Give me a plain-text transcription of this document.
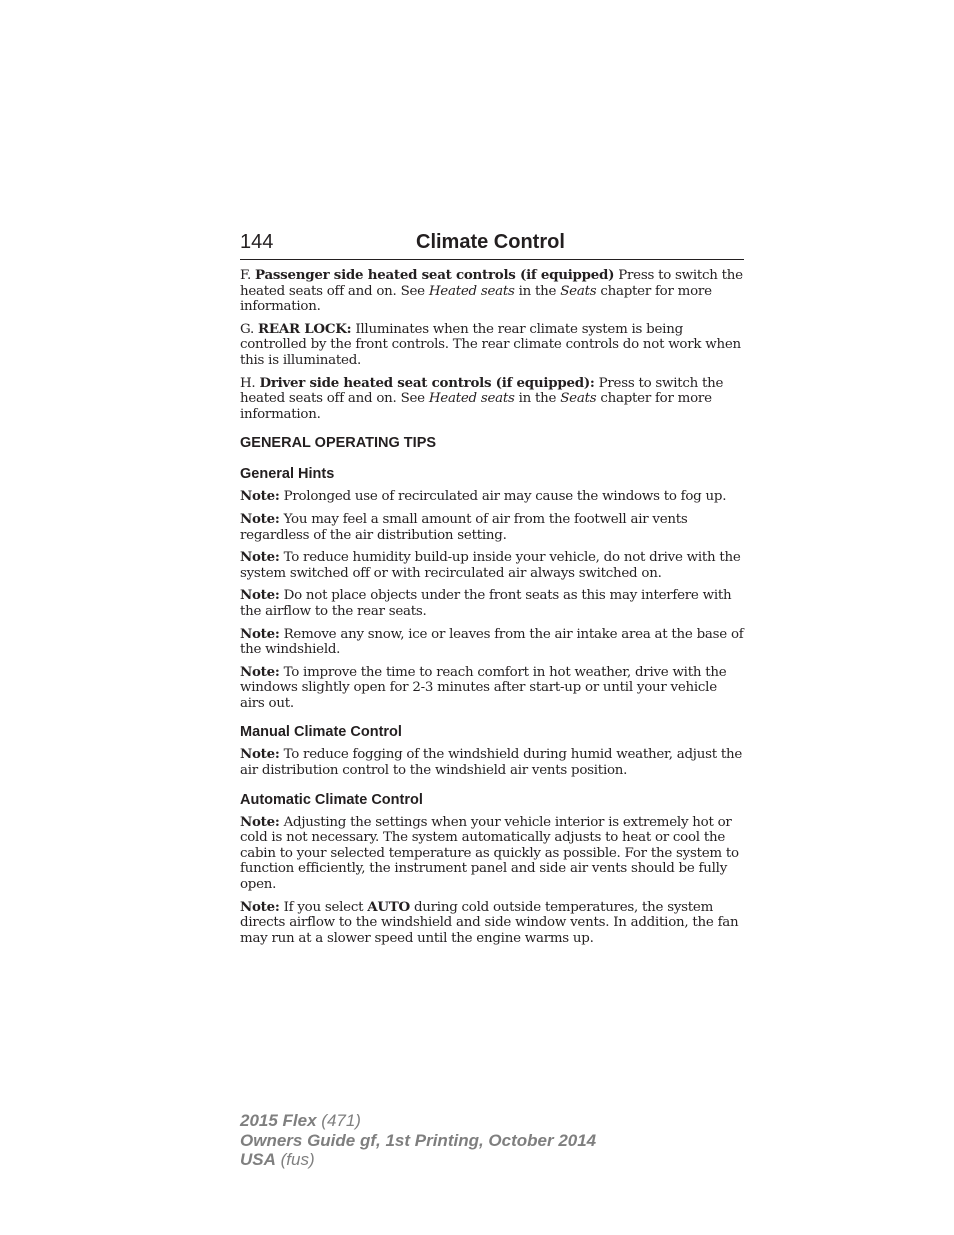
144	Climate Control

F. Passenger side heated seat controls (if equipped) Press to switch the heated seats off and on. See Heated seats in the Seats chapter for more information.

G. REAR LOCK: Illuminates when the rear climate system is being controlled by the front controls. The rear climate controls do not work when this is illuminated.

H. Driver side heated seat controls (if equipped): Press to switch the heated seats off and on. See Heated seats in the Seats chapter for more information.

GENERAL OPERATING TIPS
General Hints

Note: Prolonged use of recirculated air may cause the windows to fog up.

Note: You may feel a small amount of air from the footwell air vents regardless of the air distribution setting.

Note: To reduce humidity build-up inside your vehicle, do not drive with the system switched off or with recirculated air always switched on.

Note: Do not place objects under the front seats as this may interfere with the airflow to the rear seats.

Note: Remove any snow, ice or leaves from the air intake area at the base of the windshield.

Note: To improve the time to reach comfort in hot weather, drive with the windows slightly open for 2-3 minutes after start-up or until your vehicle airs out.

Manual Climate Control

Note: To reduce fogging of the windshield during humid weather, adjust the air distribution control to the windshield air vents position.

Automatic Climate Control

Note: Adjusting the settings when your vehicle interior is extremely hot or cold is not necessary. The system automatically adjusts to heat or cool the cabin to your selected temperature as quickly as possible. For the system to function efficiently, the instrument panel and side air vents should be fully open.

Note: If you select AUTO during cold outside temperatures, the system directs airflow to the windshield and side window vents. In addition, the fan may run at a slower speed until the engine warms up.

2015 Flex (471)
Owners Guide gf, 1st Printing, October 2014
USA (fus)
